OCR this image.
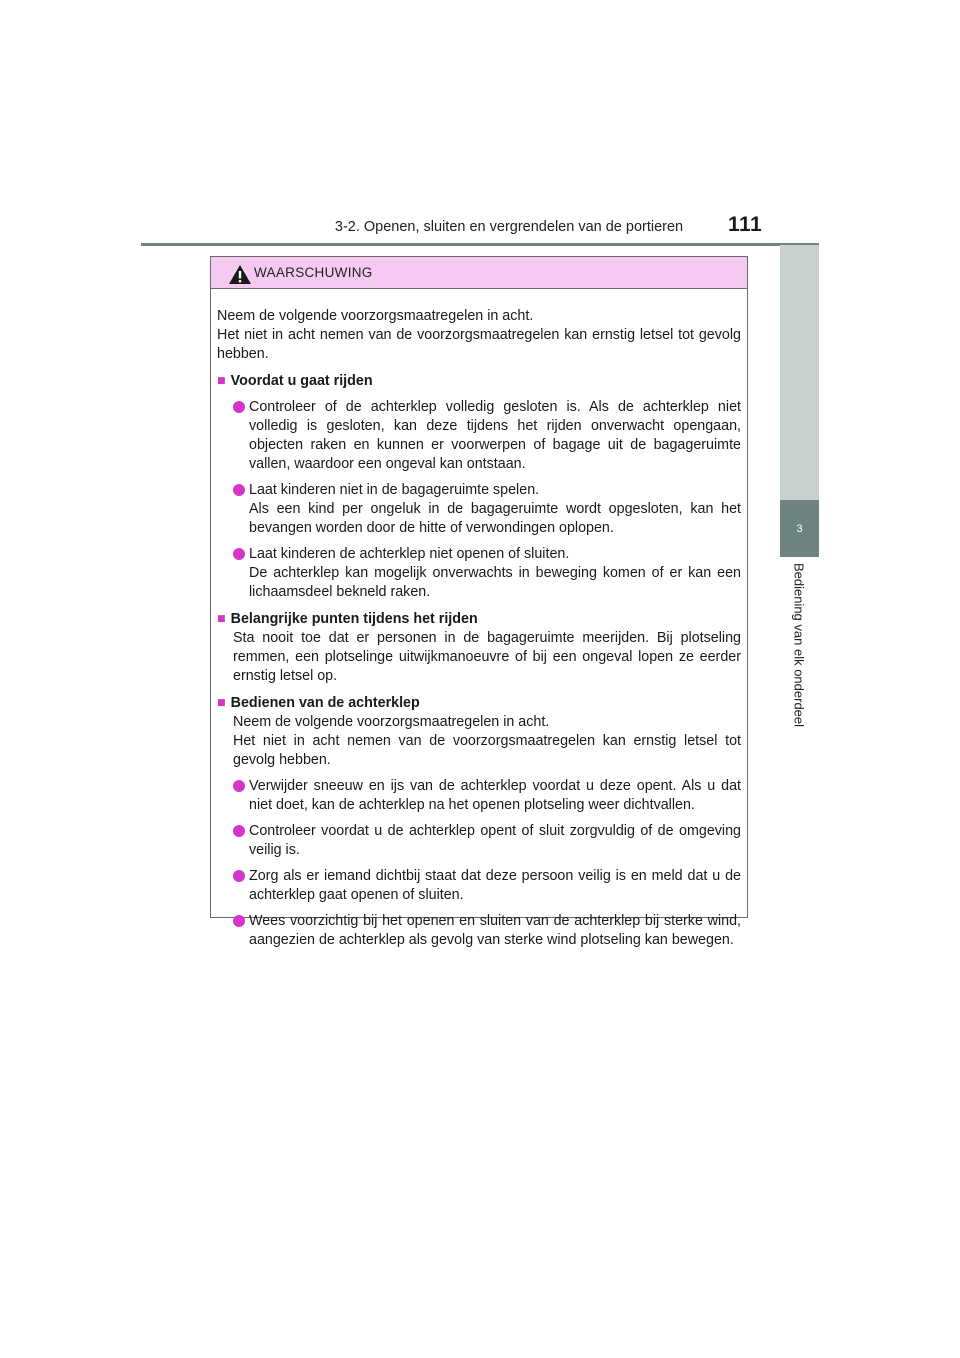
3-2. Openen, sluiten en vergrendelen van de portieren	111
3
Bediening van elk onderdeel
WAARSCHUWING

Neem de volgende voorzorgsmaatregelen in acht.

Het niet in acht nemen van de voorzorgsmaatregelen kan ernstig letsel tot gevolg hebben.

■ Voordat u gaat rijden

Controleer of de achterklep volledig gesloten is. Als de achterklep niet volledig is gesloten, kan deze tijdens het rijden onverwacht opengaan, objecten raken en kunnen er voorwerpen of bagage uit de bagageruimte vallen, waardoor een ongeval kan ontstaan.

Laat kinderen niet in de bagageruimte spelen.

Als een kind per ongeluk in de bagageruimte wordt opgesloten, kan het bevangen worden door de hitte of verwondingen oplopen.

Laat kinderen de achterklep niet openen of sluiten.

De achterklep kan mogelijk onverwachts in beweging komen of er kan een lichaamsdeel bekneld raken.

■ Belangrijke punten tijdens het rijden

Sta nooit toe dat er personen in de bagageruimte meerijden. Bij plotseling remmen, een plotselinge uitwijkmanoeuvre of bij een ongeval lopen ze eerder ernstig letsel op.

■ Bedienen van de achterklep

Neem de volgende voorzorgsmaatregelen in acht.

Het niet in acht nemen van de voorzorgsmaatregelen kan ernstig letsel tot gevolg hebben.

Verwijder sneeuw en ijs van de achterklep voordat u deze opent. Als u dat niet doet, kan de achterklep na het openen plotseling weer dichtvallen.

Controleer voordat u de achterklep opent of sluit zorgvuldig of de omgeving veilig is.

Zorg als er iemand dichtbij staat dat deze persoon veilig is en meld dat u de achterklep gaat openen of sluiten.

Wees voorzichtig bij het openen en sluiten van de achterklep bij sterke wind, aangezien de achterklep als gevolg van sterke wind plotseling kan bewegen.
